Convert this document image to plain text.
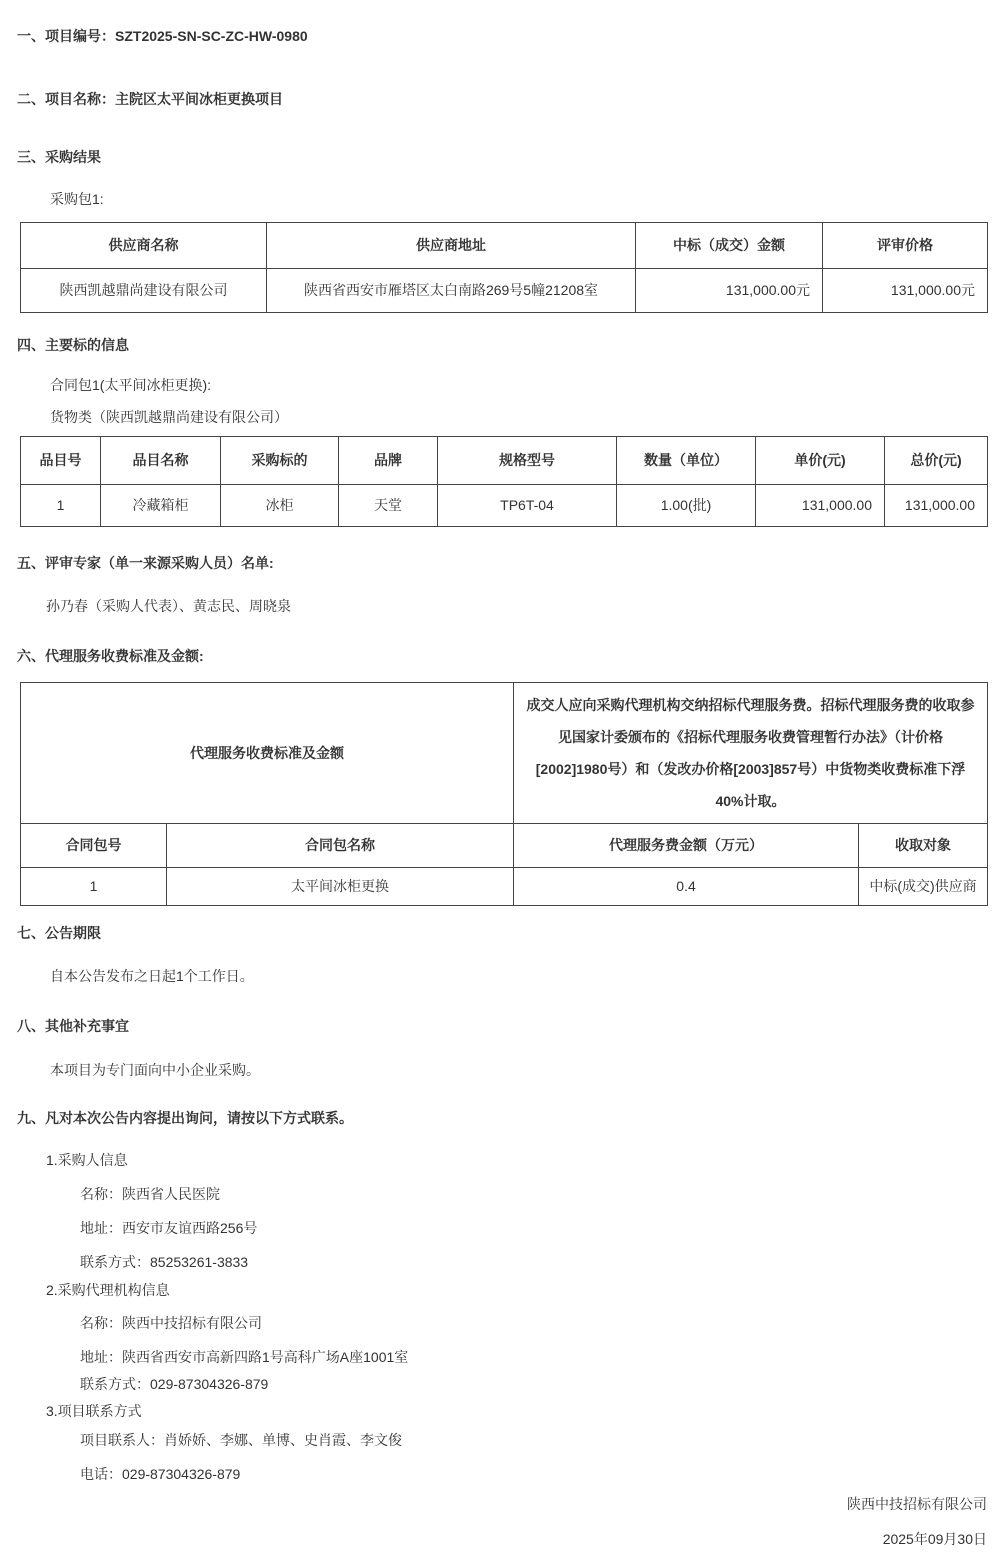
一、项目编号：SZT2025-SN-SC-ZC-HW-0980
二、项目名称：主院区太平间冰柜更换项目
三、采购结果
采购包1:
供应商名称	供应商地址	中标（成交）金额	评审价格
陕西凯越鼎尚建设有限公司	陕西省西安市雁塔区太白南路269号5幢21208室	131,000.00元	131,000.00元
四、主要标的信息
合同包1(太平间冰柜更换):
货物类（陕西凯越鼎尚建设有限公司）
品目号	品目名称	采购标的	品牌	规格型号	数量（单位）	单价(元)	总价(元)
1	冷藏箱柜	冰柜	天堂	TP6T-04	1.00(批)	131,000.00	131,000.00
五、评审专家（单一来源采购人员）名单:
孙乃春（采购人代表）、黄志民、周晓泉
六、代理服务收费标准及金额:
代理服务收费标准及金额		成交人应向采购代理机构交纳招标代理服务费。招标代理服务费的收取参见国家计委颁布的《招标代理服务收费管理暂行办法》（计价格[2002]1980号）和（发改办价格[2003]857号）中货物类收费标准下浮40%计取。	
合同包号	合同包名称	代理服务费金额（万元）	收取对象
1	太平间冰柜更换	0.4	中标(成交)供应商
七、公告期限
自本公告发布之日起1个工作日。
八、其他补充事宜
本项目为专门面向中小企业采购。
九、凡对本次公告内容提出询问，请按以下方式联系。
1.采购人信息
名称：陕西省人民医院
地址：西安市友谊西路256号
联系方式：85253261-3833
2.采购代理机构信息
名称：陕西中技招标有限公司
地址：陕西省西安市高新四路1号高科广场A座1001室
联系方式：029-87304326-879
3.项目联系方式
项目联系人：肖娇娇、李娜、单博、史肖霞、李文俊
电话：029-87304326-879
陕西中技招标有限公司
2025年09月30日
